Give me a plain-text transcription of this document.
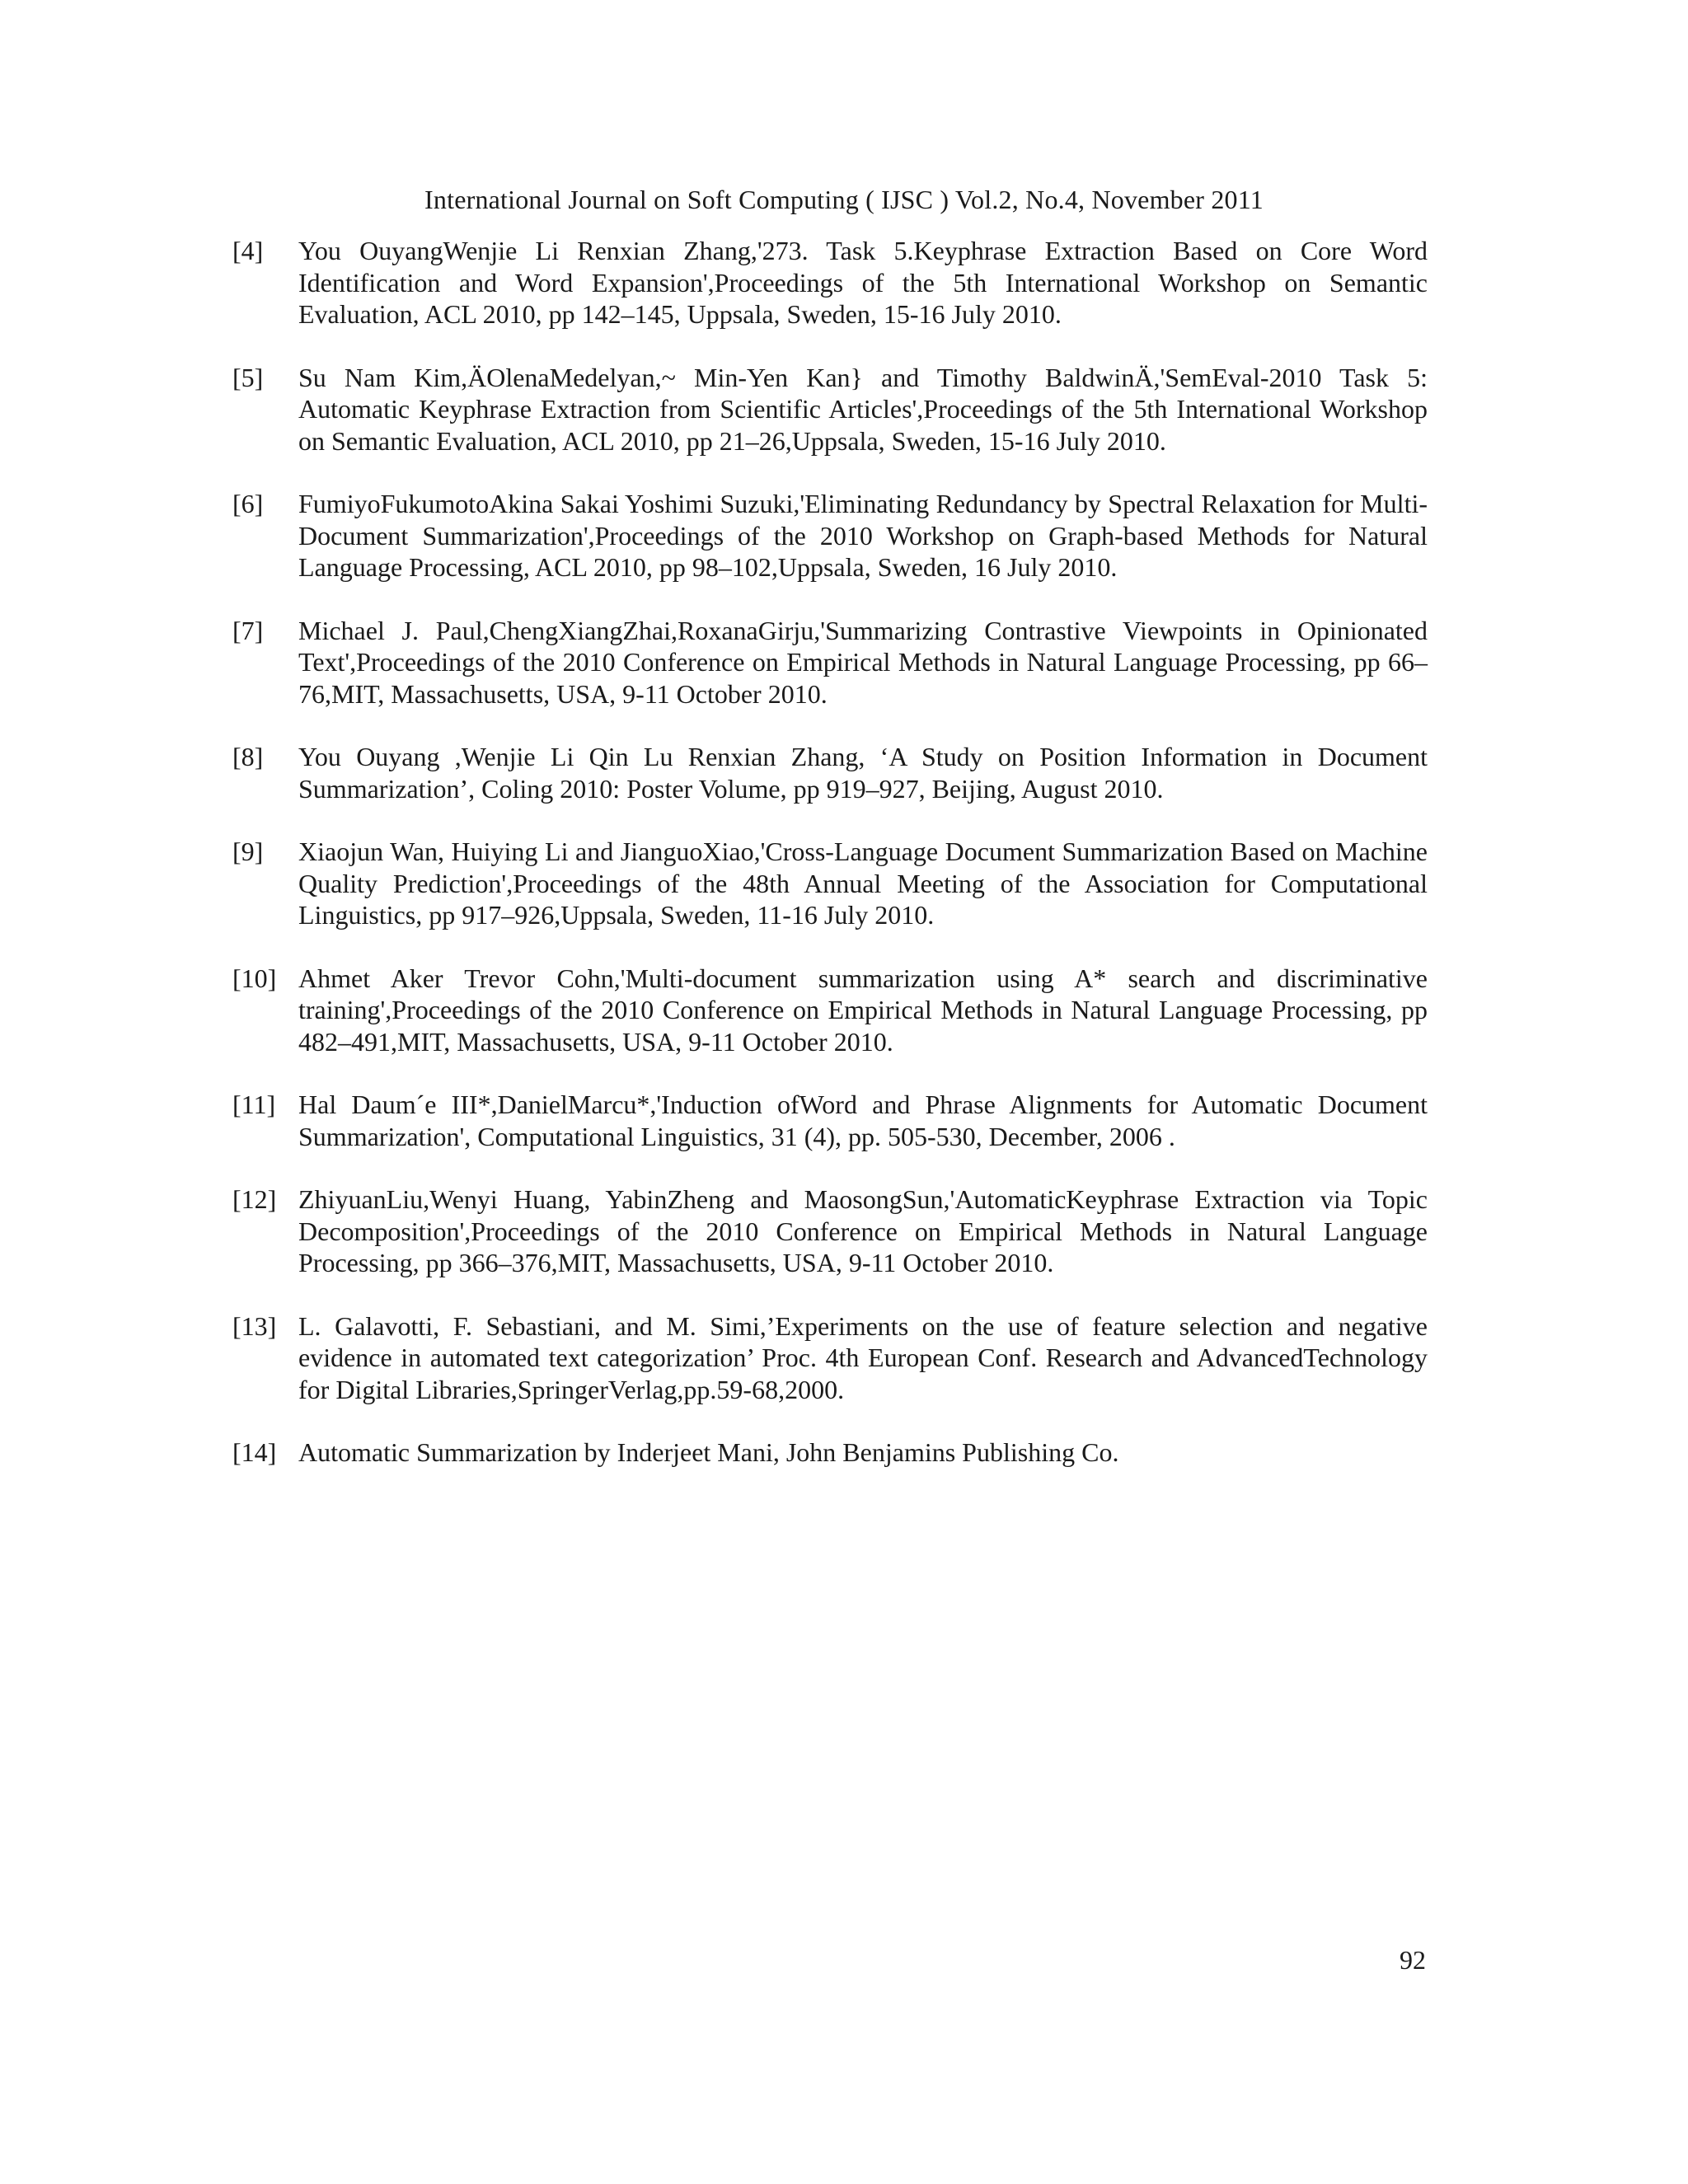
International Journal on Soft Computing ( IJSC ) Vol.2, No.4, November 2011
[4] You OuyangWenjie Li Renxian Zhang,'273. Task 5.Keyphrase Extraction Based on Core Word Identification and Word Expansion',Proceedings of the 5th International Workshop on Semantic Evaluation, ACL 2010, pp 142–145, Uppsala, Sweden, 15-16 July 2010.
[5] Su Nam Kim,ÄOlenaMedelyan,~ Min-Yen Kan} and Timothy BaldwinÄ,'SemEval-2010 Task 5: Automatic Keyphrase Extraction from Scientific Articles',Proceedings of the 5th International Workshop on Semantic Evaluation, ACL 2010, pp 21–26,Uppsala, Sweden, 15-16 July 2010.
[6] FumiyoFukumotoAkina Sakai Yoshimi Suzuki,'Eliminating Redundancy by Spectral Relaxation for Multi-Document Summarization',Proceedings of the 2010 Workshop on Graph-based Methods for Natural Language Processing, ACL 2010, pp 98–102,Uppsala, Sweden, 16 July 2010.
[7] Michael J. Paul,ChengXiangZhai,RoxanaGirju,'Summarizing Contrastive Viewpoints in Opinionated Text',Proceedings of the 2010 Conference on Empirical Methods in Natural Language Processing, pp 66–76,MIT, Massachusetts, USA, 9-11 October 2010.
[8] You Ouyang ,Wenjie Li Qin Lu Renxian Zhang, ‘A Study on Position Information in Document Summarization’, Coling 2010: Poster Volume, pp 919–927, Beijing, August 2010.
[9] Xiaojun Wan, Huiying Li and JianguoXiao,'Cross-Language Document Summarization Based on Machine Quality Prediction',Proceedings of the 48th Annual Meeting of the Association for Computational Linguistics, pp 917–926,Uppsala, Sweden, 11-16 July 2010.
[10] Ahmet Aker Trevor Cohn,'Multi-document summarization using A* search and discriminative training',Proceedings of the 2010 Conference on Empirical Methods in Natural Language Processing, pp 482–491,MIT, Massachusetts, USA, 9-11 October 2010.
[11] Hal Daum´e III*,DanielMarcu*,'Induction ofWord and Phrase Alignments for Automatic Document Summarization', Computational Linguistics, 31 (4), pp. 505-530, December, 2006 .
[12] ZhiyuanLiu,Wenyi Huang, YabinZheng and MaosongSun,'AutomaticKeyphrase Extraction via Topic Decomposition',Proceedings of the 2010 Conference on Empirical Methods in Natural Language Processing, pp 366–376,MIT, Massachusetts, USA, 9-11 October 2010.
[13] L. Galavotti, F. Sebastiani, and M. Simi,’Experiments on the use of feature selection and negative evidence in automated text categorization’ Proc. 4th European Conf. Research and AdvancedTechnology for Digital Libraries,SpringerVerlag,pp.59-68,2000.
[14] Automatic Summarization by Inderjeet Mani, John Benjamins Publishing Co.
92
